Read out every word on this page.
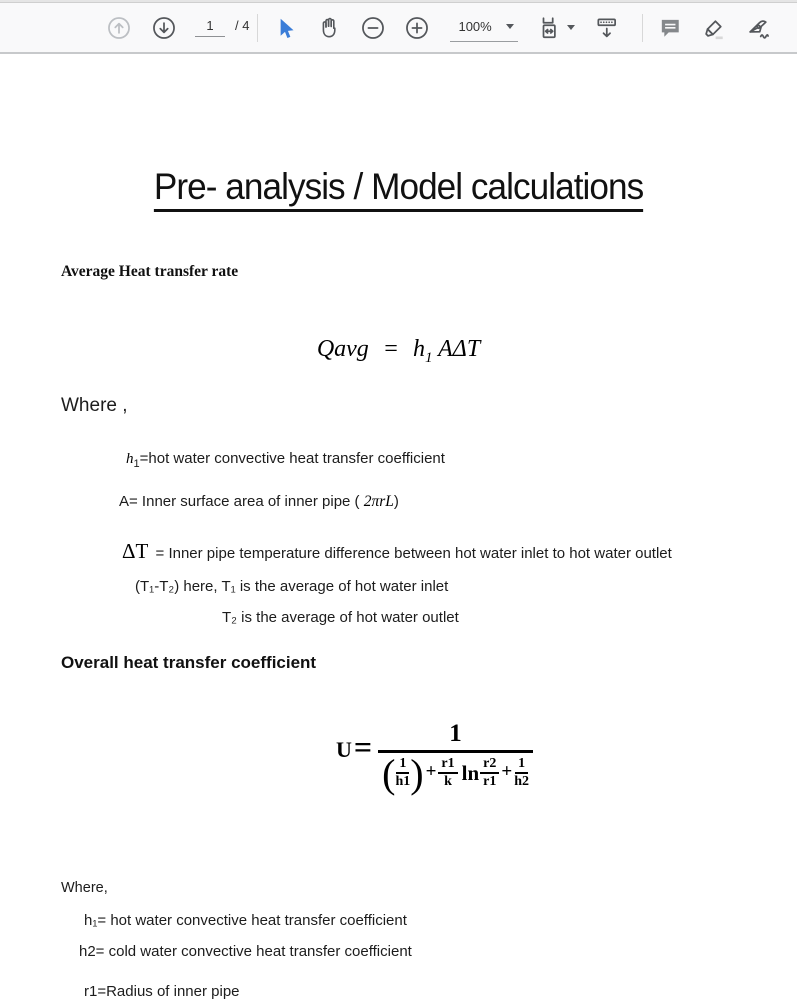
1
/ 4	100%
Pre- analysis / Model calculations
Average Heat transfer rate
Qavg = $h_1$ AΔT
Where ,
$h_1=hot$ water convective heat transfer coefficient
A= Inner surface area of inner pipe ( 2πrL)
ΔT = Inner pipe temperature difference between hot water inlet to hot water outlet
(T₁-T₂) here, T₁ is the average of hot water inlet
T₂ is the average of hot water outlet
Overall heat transfer coefficient
U =	1
( $\frac{1}{h1}$ ) + $\frac{r1}{k}$ $\ln \frac{r2}{r1} + \frac{1}{h2}$
Where,
h₁= hot water convective heat transfer coefficient
h2= cold water convective heat transfer coefficient
r1=Radius of inner pipe
